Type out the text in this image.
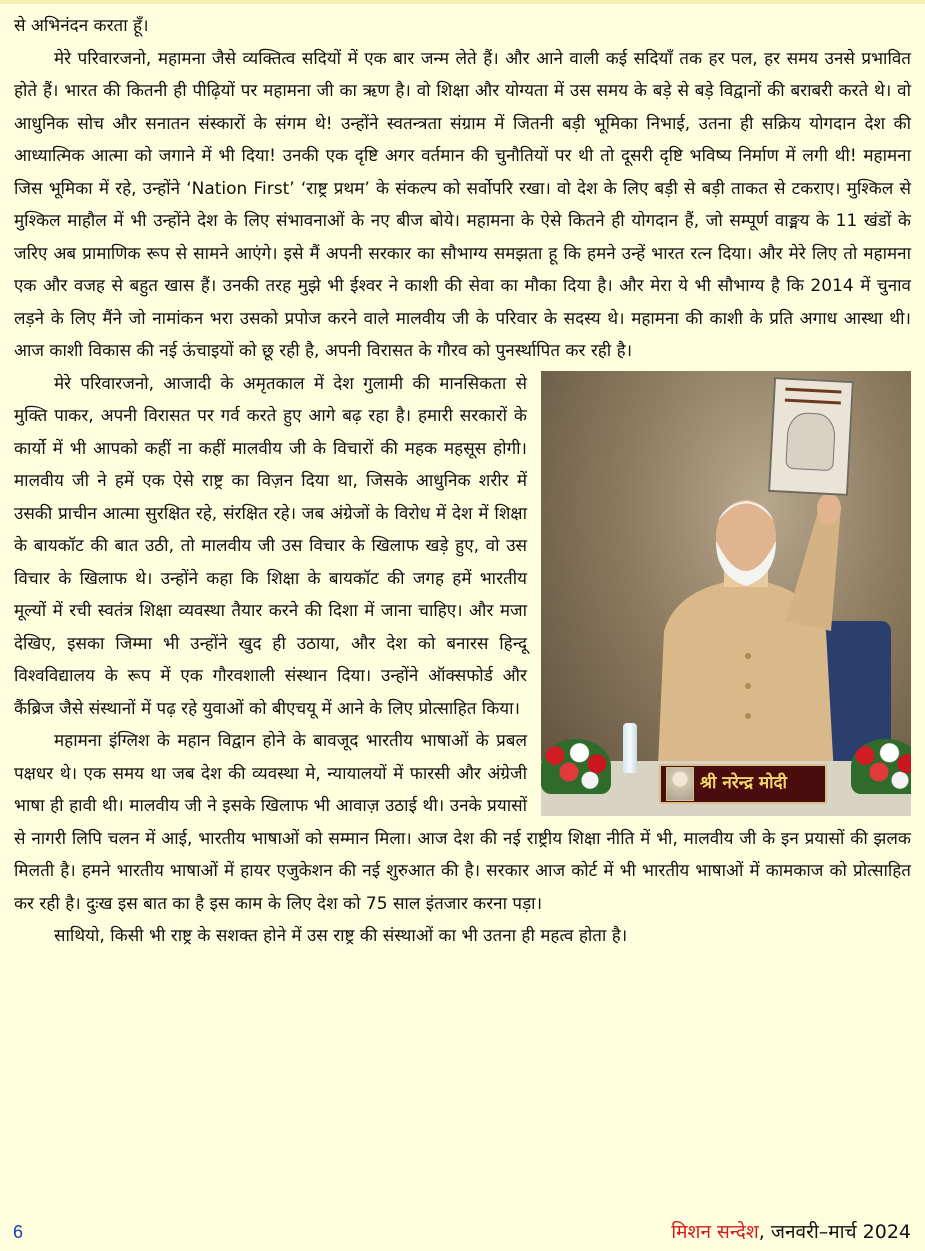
से अभिनंदन करता हूँ।

मेरे परिवारजनो, महामना जैसे व्यक्तित्व सदियों में एक बार जन्म लेते हैं। और आने वाली कई सदियाँ तक हर पल, हर समय उनसे प्रभावित होते हैं। भारत की कितनी ही पीढ़ियों पर महामना जी का ऋण है। वो शिक्षा और योग्यता में उस समय के बड़े से बड़े विद्वानों की बराबरी करते थे। वो आधुनिक सोच और सनातन संस्कारों के संगम थे! उन्होंने स्वतन्त्रता संग्राम में जितनी बड़ी भूमिका निभाई, उतना ही सक्रिय योगदान देश की आध्यात्मिक आत्मा को जगाने में भी दिया! उनकी एक दृष्टि अगर वर्तमान की चुनौतियों पर थी तो दूसरी दृष्टि भविष्य निर्माण में लगी थी! महामना जिस भूमिका में रहे, उन्होंने ‘Nation First’ ‘राष्ट्र प्रथम’ के संकल्प को सर्वोपरि रखा। वो देश के लिए बड़ी से बड़ी ताकत से टकराए। मुश्किल से मुश्किल माहौल में भी उन्होंने देश के लिए संभावनाओं के नए बीज बोये। महामना के ऐसे कितने ही योगदान हैं, जो सम्पूर्ण वाङ्मय के 11 खंडों के जरिए अब प्रामाणिक रूप से सामने आएंगे। इसे मैं अपनी सरकार का सौभाग्य समझता हू कि हमने उन्हें भारत रत्न दिया। और मेरे लिए तो महामना एक और वजह से बहुत खास हैं। उनकी तरह मुझे भी ईश्वर ने काशी की सेवा का मौका दिया है। और मेरा ये भी सौभाग्य है कि 2014 में चुनाव लड़ने के लिए मैंने जो नामांकन भरा उसको प्रपोज करने वाले मालवीय जी के परिवार के सदस्य थे। महामना की काशी के प्रति अगाध आस्था थी। आज काशी विकास की नई ऊंचाइयों को छू रही है, अपनी विरासत के गौरव को पुनर्स्थापित कर रही है।

श्री नरेन्द्र मोदी

मेरे परिवारजनो, आजादी के अमृतकाल में देश गुलामी की मानसिकता से मुक्ति पाकर, अपनी विरासत पर गर्व करते हुए आगे बढ़ रहा है। हमारी सरकारों के कार्यो में भी आपको कहीं ना कहीं मालवीय जी के विचारों की महक महसूस होगी। मालवीय जी ने हमें एक ऐसे राष्ट्र का विज़न दिया था, जिसके आधुनिक शरीर में उसकी प्राचीन आत्मा सुरक्षित रहे, संरक्षित रहे। जब अंग्रेजों के विरोध में देश में शिक्षा के बायकॉट की बात उठी, तो मालवीय जी उस विचार के खिलाफ खड़े हुए, वो उस विचार के खिलाफ थे। उन्होंने कहा कि शिक्षा के बायकॉट की जगह हमें भारतीय मूल्यों में रची स्वतंत्र शिक्षा व्यवस्था तैयार करने की दिशा में जाना चाहिए। और मजा देखिए, इसका जिम्मा भी उन्होंने खुद ही उठाया, और देश को बनारस हिन्दू विश्वविद्यालय के रूप में एक गौरवशाली संस्थान दिया। उन्होंने ऑक्सफोर्ड और कैंब्रिज जैसे संस्थानों में पढ़ रहे युवाओं को बीएचयू में आने के लिए प्रोत्साहित किया।

महामना इंग्लिश के महान विद्वान होने के बावजूद भारतीय भाषाओं के प्रबल पक्षधर थे। एक समय था जब देश की व्यवस्था मे, न्यायालयों में फारसी और अंग्रेजी भाषा ही हावी थी। मालवीय जी ने इसके खिलाफ भी आवाज़ उठाई थी। उनके प्रयासों से नागरी लिपि चलन में आई, भारतीय भाषाओं को सम्मान मिला। आज देश की नई राष्ट्रीय शिक्षा नीति में भी, मालवीय जी के इन प्रयासों की झलक मिलती है। हमने भारतीय भाषाओं में हायर एजुकेशन की नई शुरुआत की है। सरकार आज कोर्ट में भी भारतीय भाषाओं में कामकाज को प्रोत्साहित कर रही है। दुःख इस बात का है इस काम के लिए देश को 75 साल इंतजार करना पड़ा।

साथियो, किसी भी राष्ट्र के सशक्त होने में उस राष्ट्र की संस्थाओं का भी उतना ही महत्व होता है।

6	मिशन सन्देश, जनवरी–मार्च 2024
